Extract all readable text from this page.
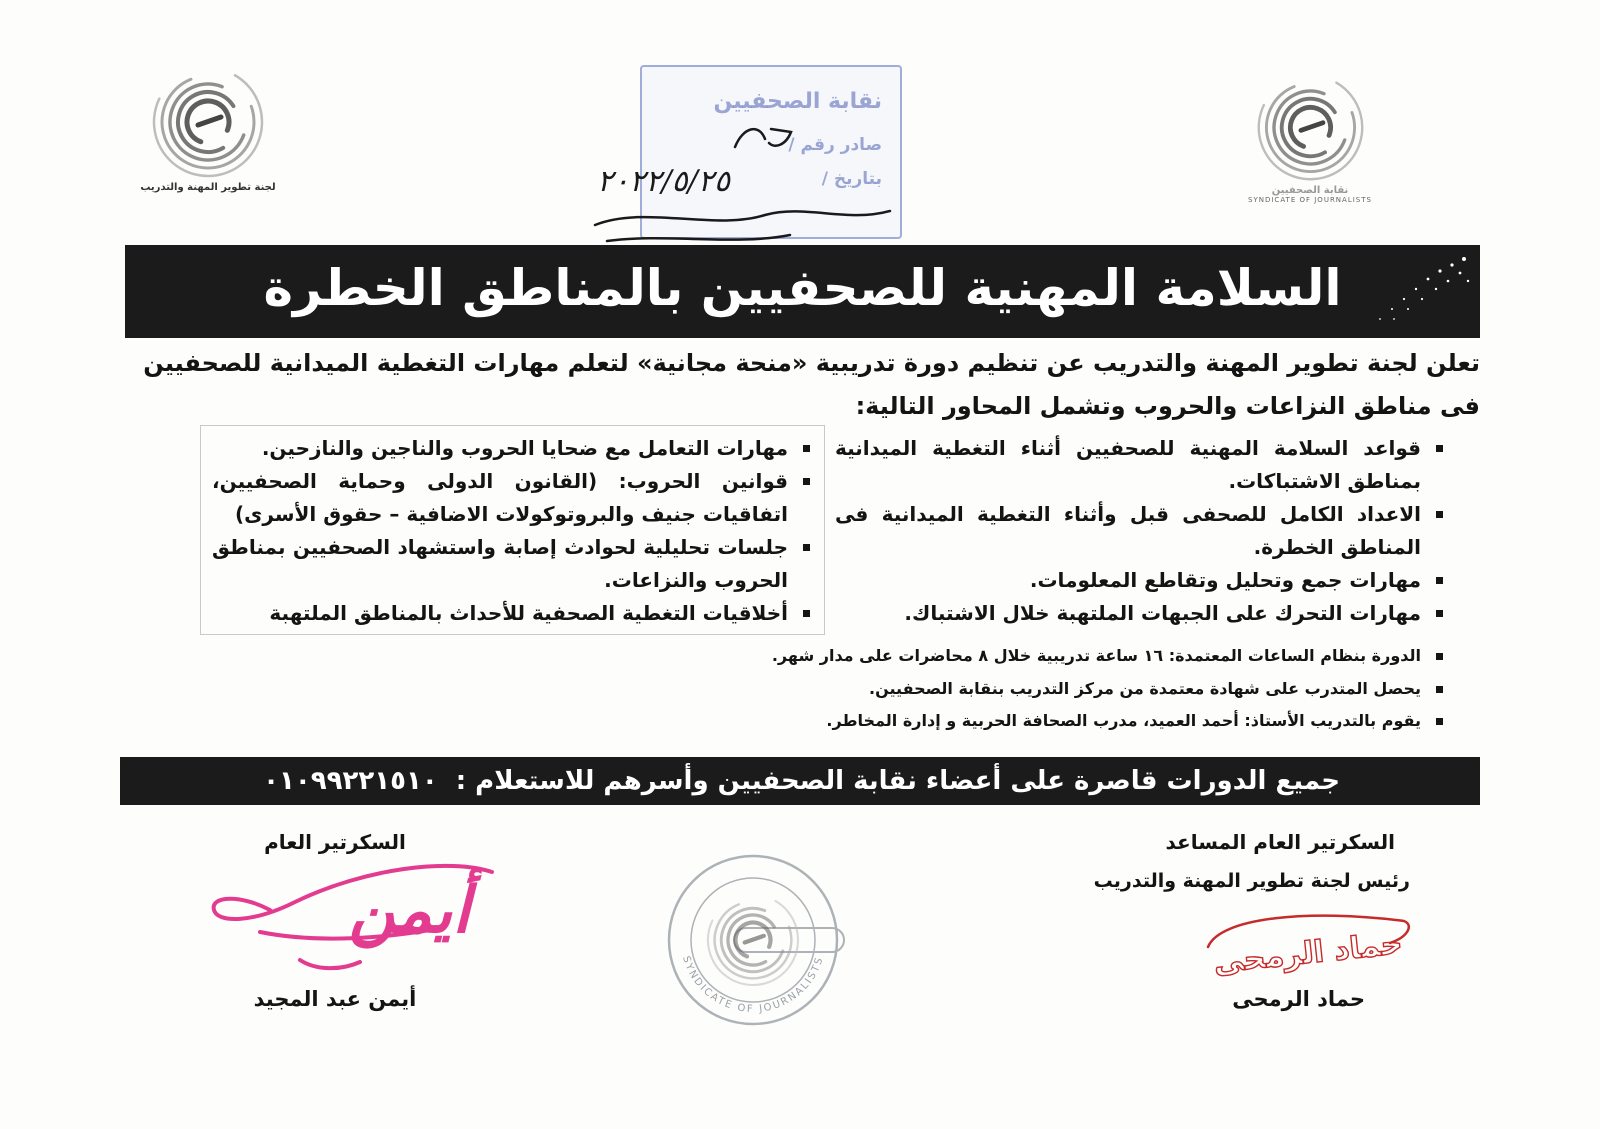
لجنة تطوير المهنة والتدريب	نقابة الصحفيين
SYNDICATE OF JOURNALISTS
نقابة الصحفيين
صادر رقم /
بتاريخ /
٢٠٢٢/٥/٢٥
السلامة المهنية للصحفيين بالمناطق الخطرة

تعلن لجنة تطوير المهنة والتدريب عن تنظيم دورة تدريبية «منحة مجانية» لتعلم مهارات التغطية الميدانية للصحفيين

فى مناطق النزاعات والحروب وتشمل المحاور التالية:

قواعد السلامة المهنية للصحفيين أثناء التغطية الميدانية بمناطق الاشتباكات.
الاعداد الكامل للصحفى قبل وأثناء التغطية الميدانية فى المناطق الخطرة.
مهارات جمع وتحليل وتقاطع المعلومات.
مهارات التحرك على الجبهات الملتهبة خلال الاشتباك.
مهارات التعامل مع ضحايا الحروب والناجين والنازحين.
قوانين الحروب: (القانون الدولى وحماية الصحفيين، اتفاقيات جنيف والبروتوكولات الاضافية – حقوق الأسرى)
جلسات تحليلية لحوادث إصابة واستشهاد الصحفيين بمناطق الحروب والنزاعات.
أخلاقيات التغطية الصحفية للأحداث بالمناطق الملتهبة
الدورة بنظام الساعات المعتمدة: ١٦ ساعة تدريبية خلال ٨ محاضرات على مدار شهر.
يحصل المتدرب على شهادة معتمدة من مركز التدريب بنقابة الصحفيين.
يقوم بالتدريب الأستاذ: أحمد العميد، مدرب الصحافة الحربية و إدارة المخاطر.
جميع الدورات قاصرة على أعضاء نقابة الصحفيين وأسرهم للاستعلام :
٠١٠٩٩٢٢١٥١٠
السكرتير العام
أيمن
أيمن عبد المجيد
SYNDICATE OF JOURNALISTS
السكرتير العام المساعد
رئيس لجنة تطوير المهنة والتدريب
حماد الرمحى
حماد الرمحى
